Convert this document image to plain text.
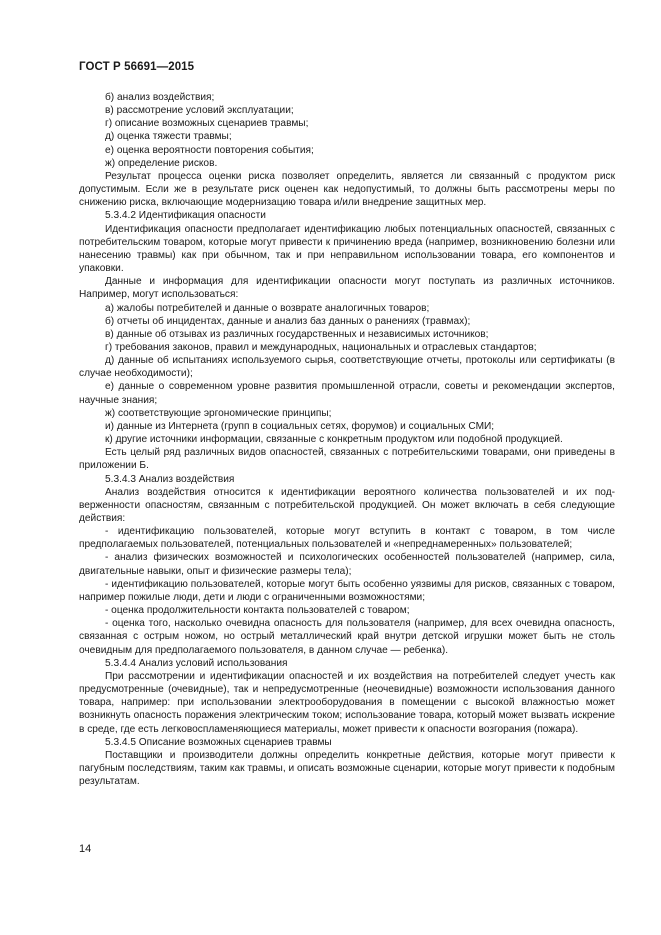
ГОСТ Р 56691—2015

б) анализ воздействия;

в) рассмотрение условий эксплуатации;

г) описание возможных сценариев травмы;

д) оценка тяжести травмы;

е) оценка вероятности повторения события;

ж) определение рисков.

Результат процесса оценки риска позволяет определить, является ли связанный с продуктом риск допустимым. Если же в результате риск оценен как недопустимый, то должны быть рассмотрены меры по снижению риска, включающие модернизацию товара и/или внедрение защитных мер.

5.3.4.2 Идентификация опасности

Идентификация опасности предполагает идентификацию любых потенциальных опасностей, связанных с потребительским товаром, которые могут привести к причинению вреда (например, возникновению болезни или нанесению травмы) как при обычном, так и при неправильном использовании товара, его компонентов и упаковки.

Данные и информация для идентификации опасности могут поступать из различных источников. Например, могут использоваться:

а) жалобы потребителей и данные о возврате аналогичных товаров;

б) отчеты об инцидентах, данные и анализ баз данных о ранениях (травмах);

в) данные об отзывах из различных государственных и независимых источников;

г) требования законов, правил и международных, национальных и отраслевых стандартов;

д) данные об испытаниях используемого сырья, соответствующие отчеты, протоколы или сертификаты (в случае необходимости);

е) данные о современном уровне развития промышленной отрасли, советы и рекомендации экспертов, научные знания;

ж) соответствующие эргономические принципы;

и) данные из Интернета (групп в социальных сетях, форумов) и социальных СМИ;

к) другие источники информации, связанные с конкретным продуктом или подобной продукцией.

Есть целый ряд различных видов опасностей, связанных с потребительскими товарами, они приведены в приложении Б.

5.3.4.3 Анализ воздействия

Анализ воздействия относится к идентификации вероятного количества пользователей и их подверженности опасностям, связанным с потребительской продукцией. Он может включать в себя следующие действия:

- идентификацию пользователей, которые могут вступить в контакт с товаром, в том числе предполагаемых пользователей, потенциальных пользователей и «непреднамеренных» пользователей;

- анализ физических возможностей и психологических особенностей пользователей (например, сила, двигательные навыки, опыт и физические размеры тела);

- идентификацию пользователей, которые могут быть особенно уязвимы для рисков, связанных с товаром, например пожилые люди, дети и люди с ограниченными возможностями;

- оценка продолжительности контакта пользователей с товаром;

- оценка того, насколько очевидна опасность для пользователя (например, для всех очевидна опасность, связанная с острым ножом, но острый металлический край внутри детской игрушки может быть не столь очевидным для предполагаемого пользователя, в данном случае — ребенка).

5.3.4.4 Анализ условий использования

При рассмотрении и идентификации опасностей и их воздействия на потребителей следует учесть как предусмотренные (очевидные), так и непредусмотренные (неочевидные) возможности использования данного товара, например: при использовании электрооборудования в помещении с высокой влажностью может возникнуть опасность поражения электрическим током; использование товара, который может вызвать искрение в среде, где есть легковоспламеняющиеся материалы, может привести к опасности возгорания (пожара).

5.3.4.5 Описание возможных сценариев травмы

Поставщики и производители должны определить конкретные действия, которые могут привести к пагубным последствиям, таким как травмы, и описать возможные сценарии, которые могут привести к подобным результатам.

14
